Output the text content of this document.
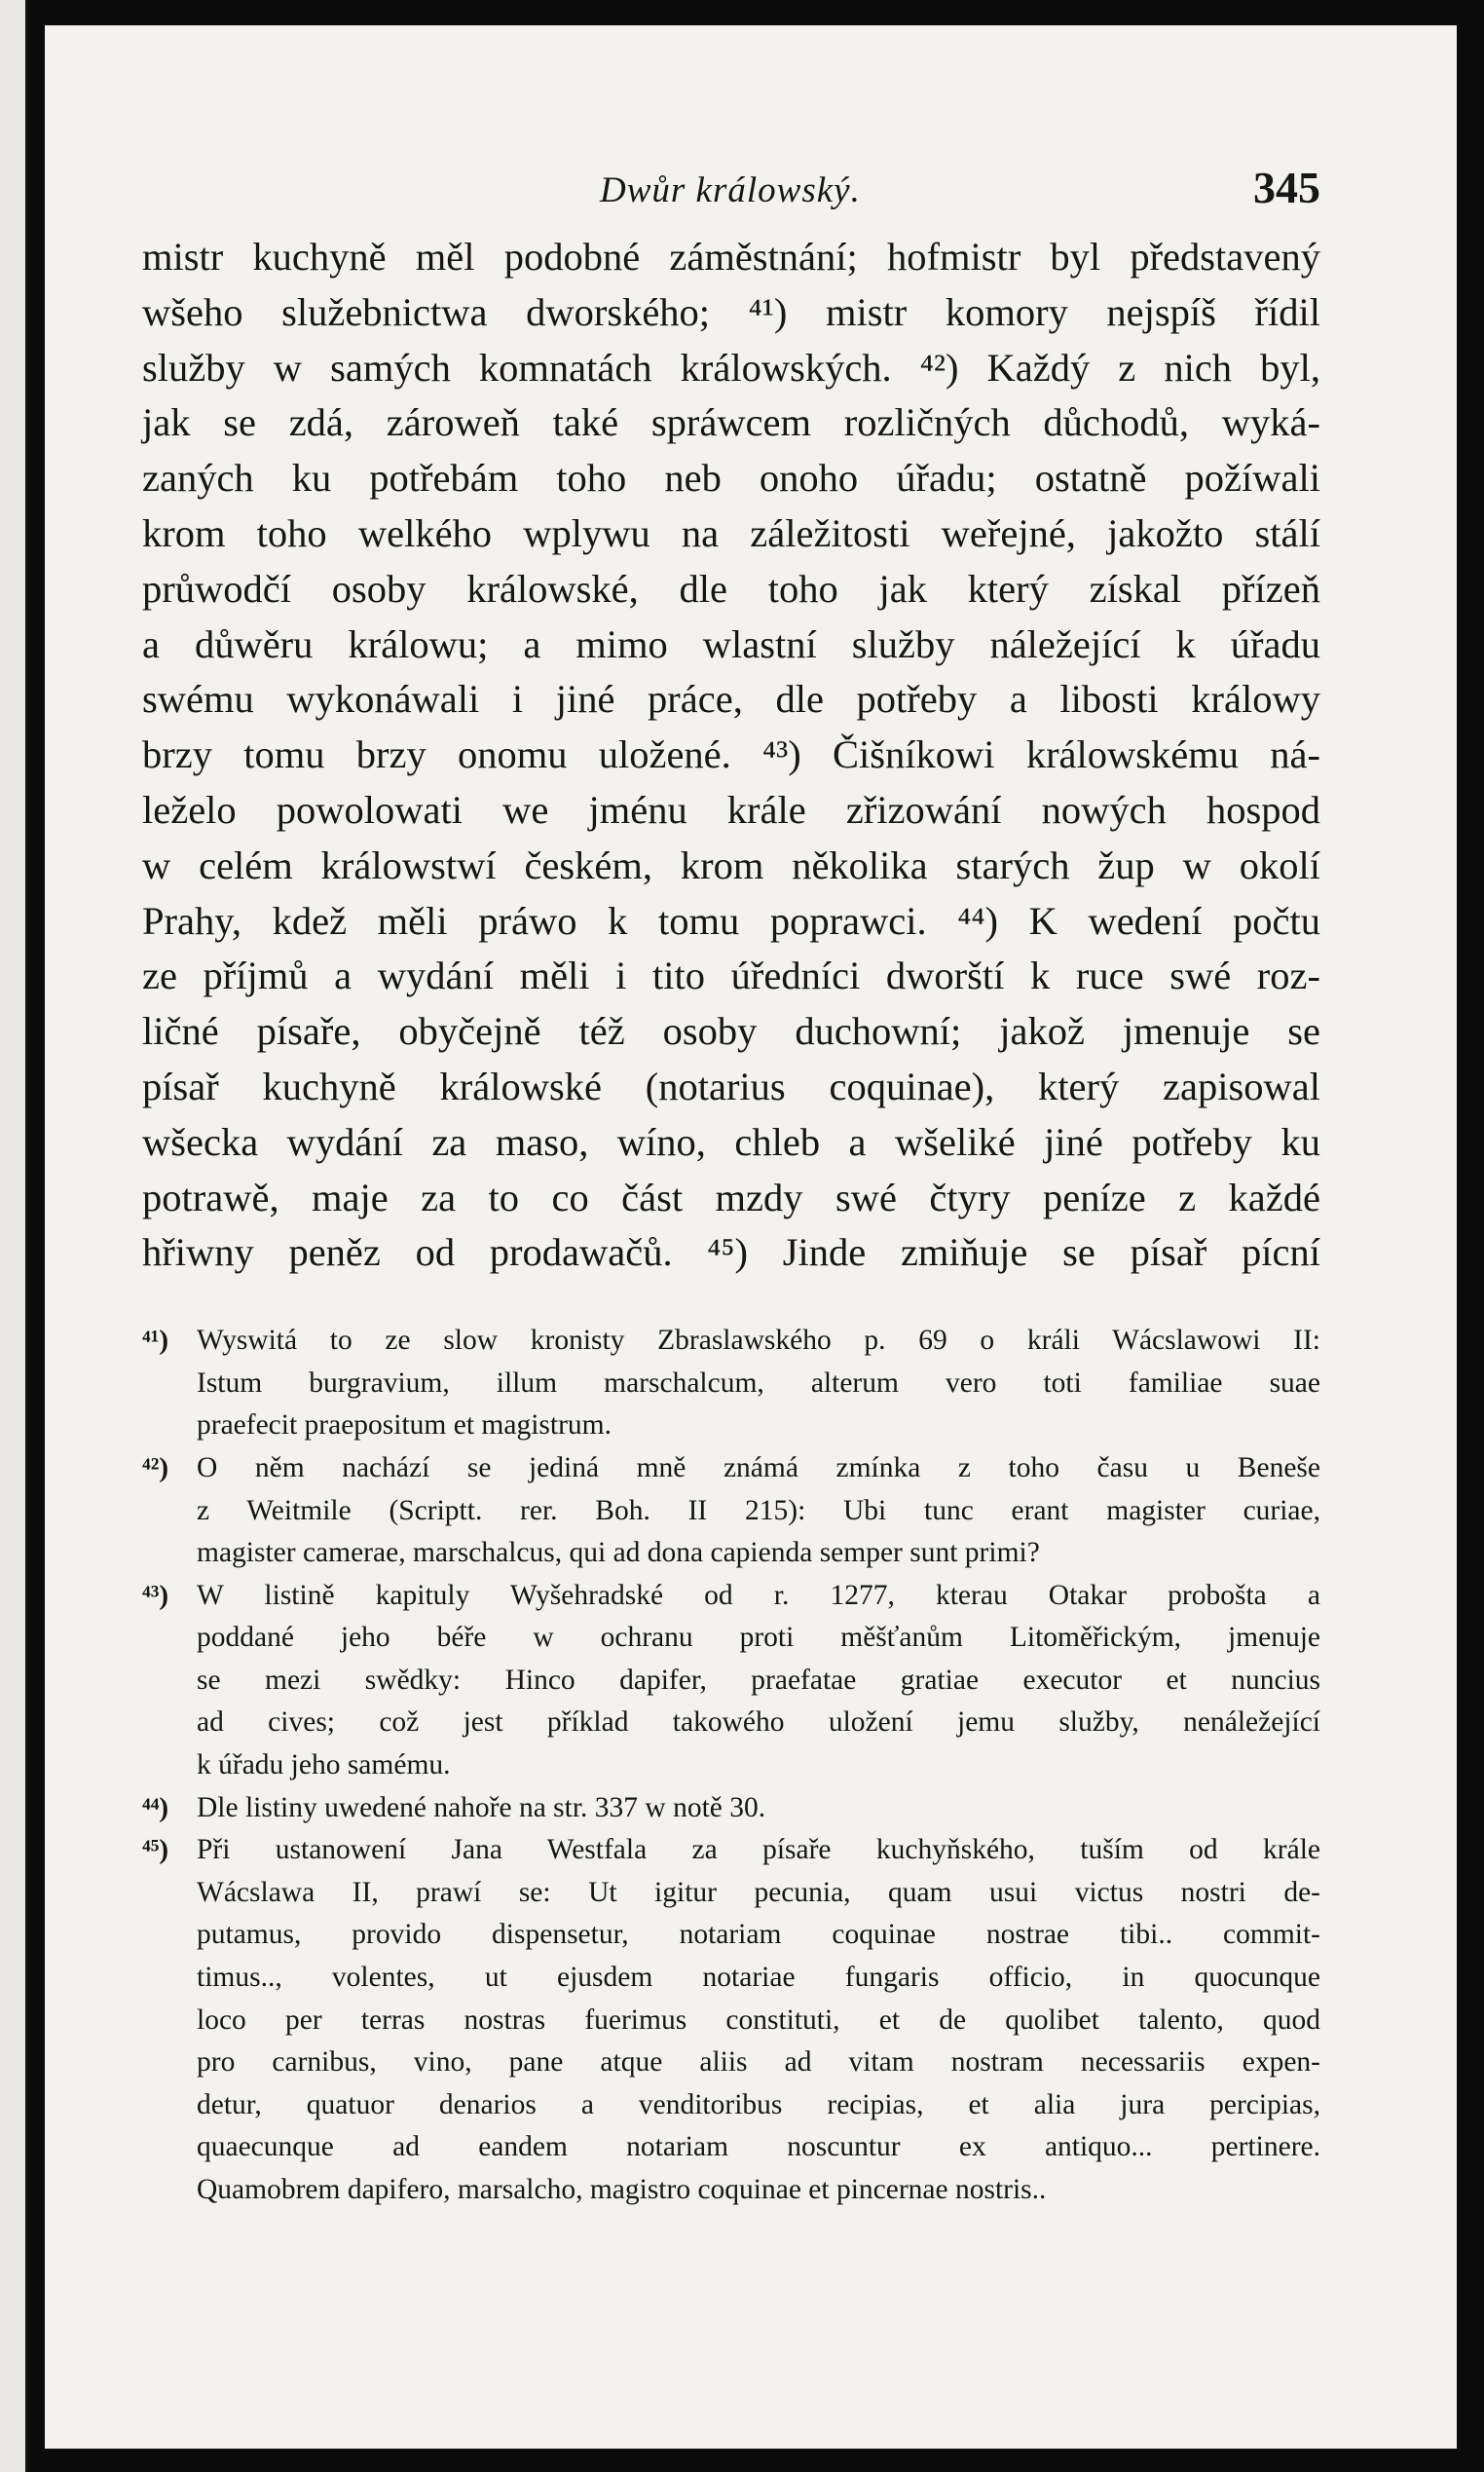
Dwůr králowský.	345

mistr kuchyně měl podobné záměstnání; hofmistr byl představený

wšeho služebnictwa dworského; ⁴¹) mistr komory nejspíš řídil

služby w samých komnatách králowských. ⁴²) Každý z nich byl,

jak se zdá, zároweň také spráwcem rozličných důchodů, wyká-

zaných ku potřebám toho neb onoho úřadu; ostatně požíwali

krom toho welkého wplywu na záležitosti weřejné, jakožto stálí

průwodčí osoby králowské, dle toho jak který získal přízeň

a důwěru králowu; a mimo wlastní služby náležející k úřadu

swému wykonáwali i jiné práce, dle potřeby a libosti králowy

brzy tomu brzy onomu uložené. ⁴³) Čišníkowi králowskému ná-

leželo powolowati we jménu krále zřizowání nowých hospod

w celém králowstwí českém, krom několika starých žup w okolí

Prahy, kdež měli práwo k tomu poprawci. ⁴⁴) K wedení počtu

ze příjmů a wydání měli i tito úředníci dworští k ruce swé roz-

ličné písaře, obyčejně též osoby duchowní; jakož jmenuje se

písař kuchyně králowské (notarius coquinae), který zapisowal

wšecka wydání za maso, wíno, chleb a wšeliké jiné potřeby ku

potrawě, maje za to co část mzdy swé čtyry peníze z každé

hřiwny peněz od prodawačů. ⁴⁵) Jinde zmiňuje se písař pícní

⁴¹) Wyswitá to ze slow kronisty Zbraslawského p. 69 o králi Wácslawowi II:
Istum burgravium, illum marschalcum, alterum vero toti familiae suae
praefecit praepositum et magistrum.
⁴²) O něm nachází se jediná mně známá zmínka z toho času u Beneše
z Weitmile (Scriptt. rer. Boh. II 215): Ubi tunc erant magister curiae,
magister camerae, marschalcus, qui ad dona capienda semper sunt primi?
⁴³) W listině kapituly Wyšehradské od r. 1277, kterau Otakar probošta a
poddané jeho béře w ochranu proti měšťanům Litoměřickým, jmenuje
se mezi swědky: Hinco dapifer, praefatae gratiae executor et nuncius
ad cives; což jest příklad takowého uložení jemu služby, nenáležející
k úřadu jeho samému.
⁴⁴) Dle listiny uwedené nahoře na str. 337 w notě 30.
⁴⁵) Při ustanowení Jana Westfala za písaře kuchyňského, tuším od krále
Wácslawa II, prawí se: Ut igitur pecunia, quam usui victus nostri de-
putamus, provido dispensetur, notariam coquinae nostrae tibi.. commit-
timus.., volentes, ut ejusdem notariae fungaris officio, in quocunque
loco per terras nostras fuerimus constituti, et de quolibet talento, quod
pro carnibus, vino, pane atque aliis ad vitam nostram necessariis expen-
detur, quatuor denarios a venditoribus recipias, et alia jura percipias,
quaecunque ad eandem notariam noscuntur ex antiquo... pertinere.
Quamobrem dapifero, marsalcho, magistro coquinae et pincernae nostris..
